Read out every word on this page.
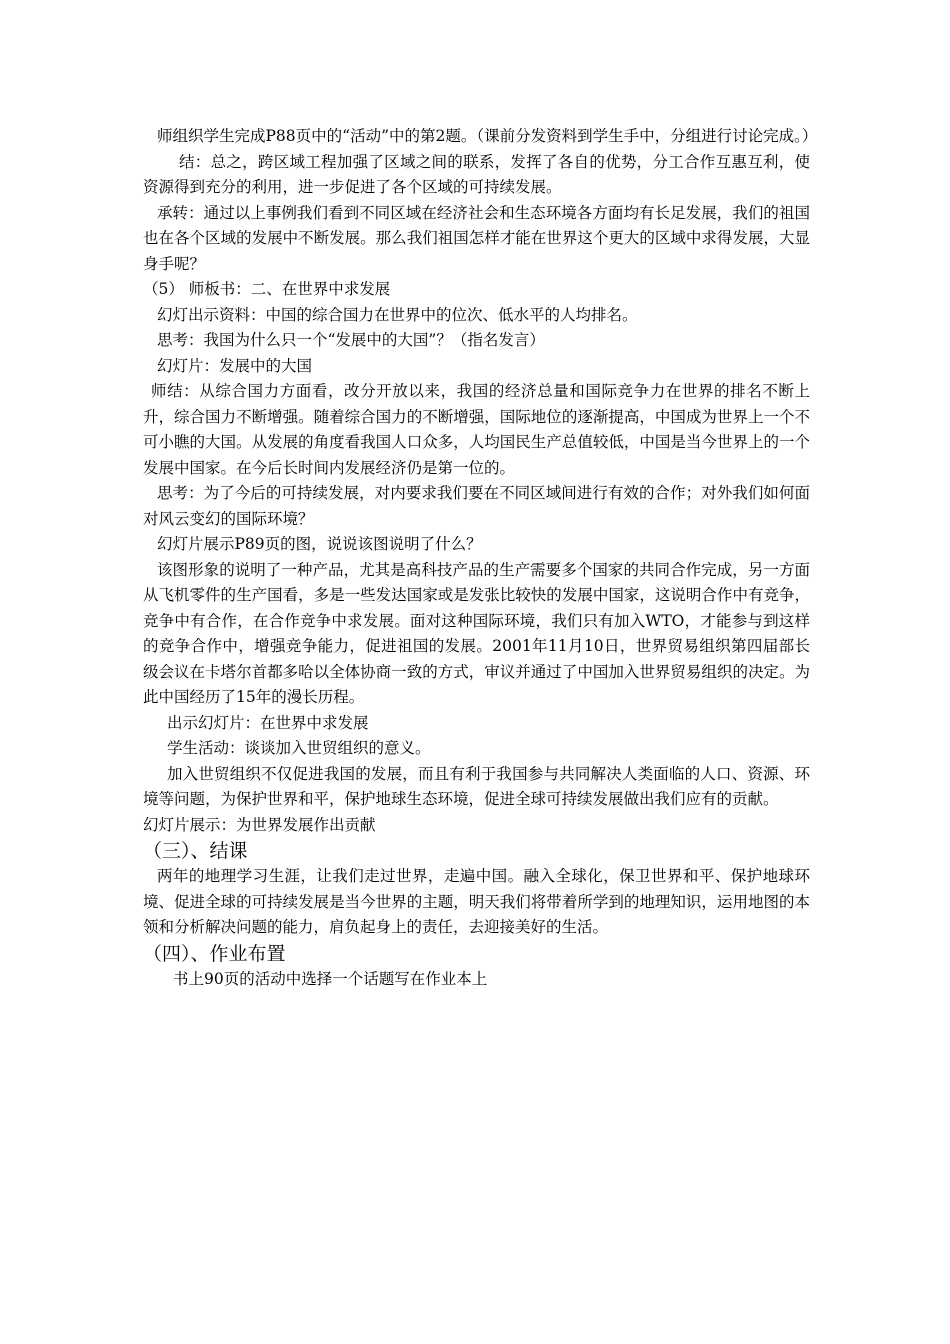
师组织学生完成P88页中的“活动”中的第2题。（课前分发资料到学生手中，分组进行讨论完成。）

结：总之，跨区域工程加强了区域之间的联系，发挥了各自的优势，分工合作互惠互利，使资源得到充分的利用，进一步促进了各个区域的可持续发展。

承转：通过以上事例我们看到不同区域在经济社会和生态环境各方面均有长足发展，我们的祖国也在各个区域的发展中不断发展。那么我们祖国怎样才能在世界这个更大的区域中求得发展，大显身手呢？

（5） 师板书：二、在世界中求发展

幻灯出示资料：中国的综合国力在世界中的位次、低水平的人均排名。

思考：我国为什么只一个“发展中的大国”？（指名发言）

幻灯片：发展中的大国

师结：从综合国力方面看，改分开放以来，我国的经济总量和国际竞争力在世界的排名不断上升，综合国力不断增强。随着综合国力的不断增强，国际地位的逐渐提高，中国成为世界上一个不可小瞧的大国。从发展的角度看我国人口众多，人均国民生产总值较低，中国是当今世界上的一个发展中国家。在今后长时间内发展经济仍是第一位的。

思考：为了今后的可持续发展，对内要求我们要在不同区域间进行有效的合作；对外我们如何面对风云变幻的国际环境？

幻灯片展示P89页的图，说说该图说明了什么？

该图形象的说明了一种产品，尤其是高科技产品的生产需要多个国家的共同合作完成，另一方面从飞机零件的生产国看，多是一些发达国家或是发张比较快的发展中国家，这说明合作中有竞争，竞争中有合作，在合作竞争中求发展。面对这种国际环境，我们只有加入WTO，才能参与到这样的竞争合作中，增强竞争能力，促进祖国的发展。2001年11月10日，世界贸易组织第四届部长级会议在卡塔尔首都多哈以全体协商一致的方式，审议并通过了中国加入世界贸易组织的决定。为此中国经历了15年的漫长历程。

出示幻灯片：在世界中求发展

学生活动：谈谈加入世贸组织的意义。

加入世贸组织不仅促进我国的发展，而且有利于我国参与共同解决人类面临的人口、资源、环境等问题，为保护世界和平，保护地球生态环境，促进全球可持续发展做出我们应有的贡献。

幻灯片展示：为世界发展作出贡献

（三）、结课

两年的地理学习生涯，让我们走过世界，走遍中国。融入全球化，保卫世界和平、保护地球环境、促进全球的可持续发展是当今世界的主题，明天我们将带着所学到的地理知识，运用地图的本领和分析解决问题的能力，肩负起身上的责任，去迎接美好的生活。

（四）、作业布置

书上90页的活动中选择一个话题写在作业本上
